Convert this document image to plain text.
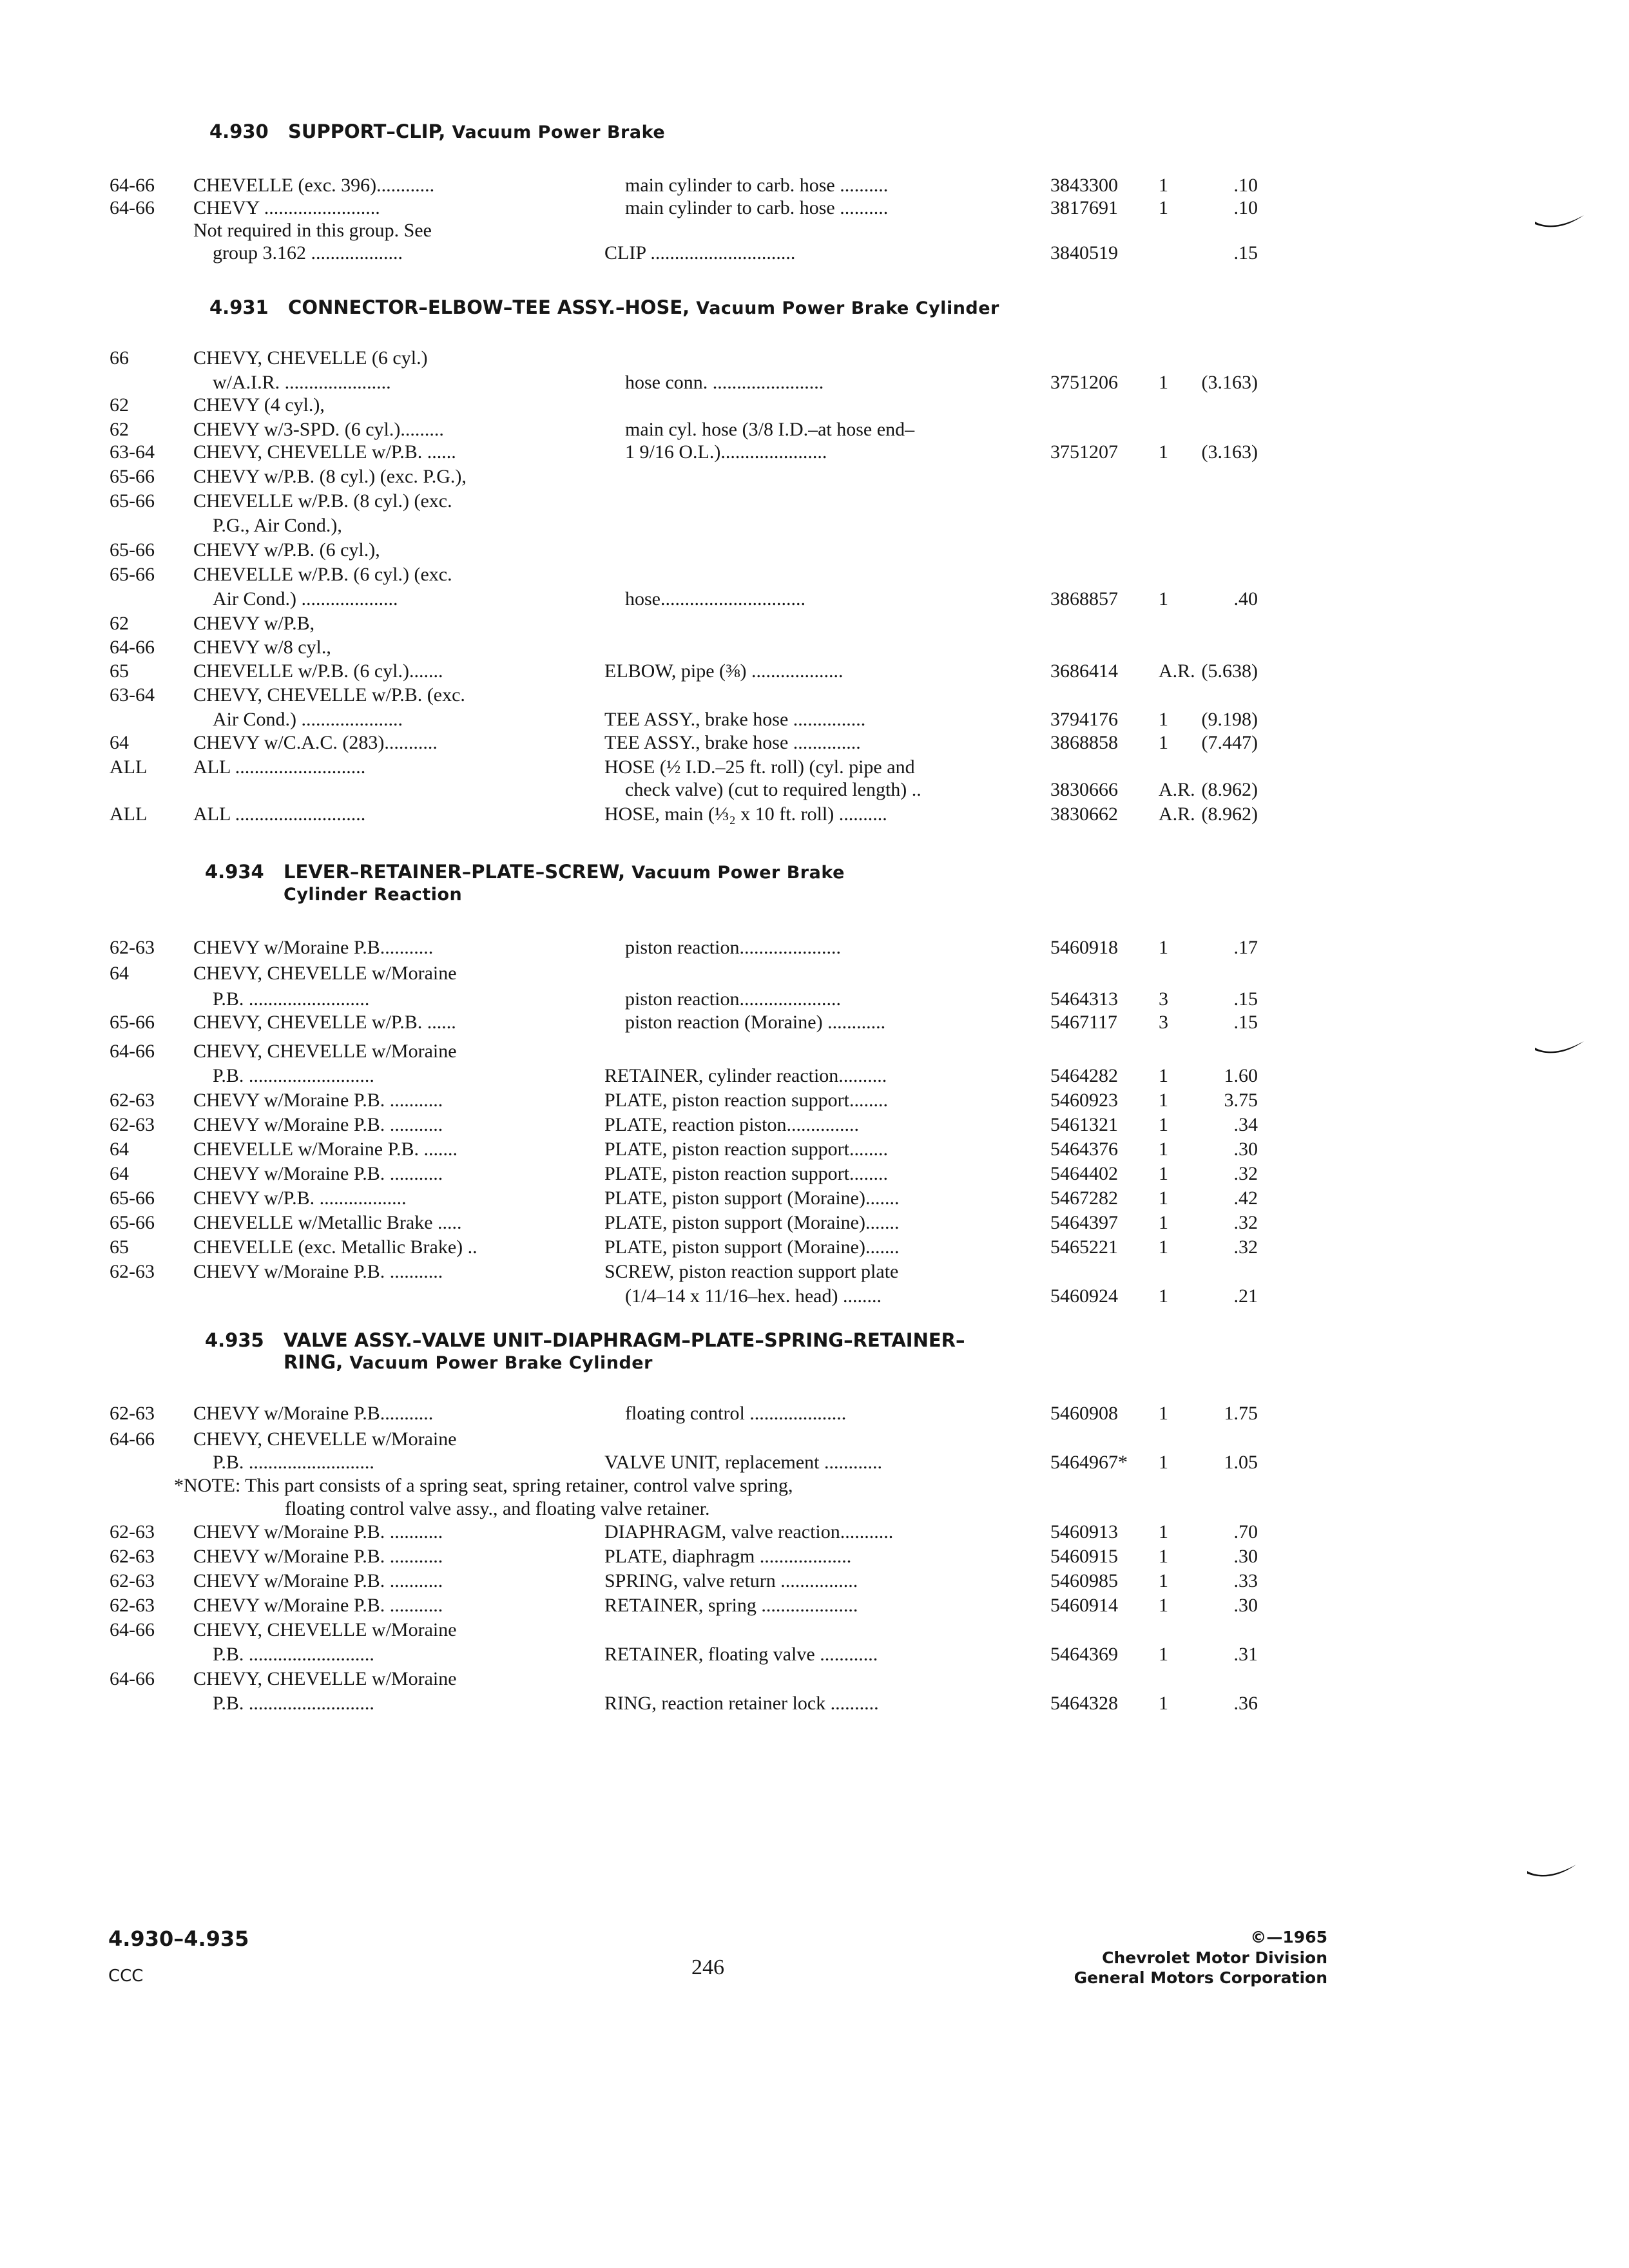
4.930 SUPPORT–CLIP, Vacuum Power Brake
4.931 CONNECTOR–ELBOW–TEE ASSY.–HOSE, Vacuum Power Brake Cylinder
4.934 LEVER–RETAINER–PLATE–SCREW, Vacuum Power Brake
Cylinder Reaction
4.935 VALVE ASSY.–VALVE UNIT–DIAPHRAGM–PLATE–SPRING–RETAINER–
RING, Vacuum Power Brake Cylinder
64-66 CHEVELLE (exc. 396)............	main cylinder to carb. hose ..........	3843300 1	.10
64-66 CHEVY ........................	main cylinder to carb. hose ..........	3817691 1	.10
Not required in this group. See
group 3.162 ...................	CLIP ..............................	3840519	.15
66	CHEVY, CHEVELLE (6 cyl.)
w/A.I.R. ......................	hose conn. .......................	3751206 1	(3.163)
62	CHEVY (4 cyl.),
62	CHEVY w/3-SPD. (6 cyl.).........	main cyl. hose (3/8 I.D.–at hose end–
63-64 CHEVY, CHEVELLE w/P.B. ......	1 9/16 O.L.)......................	3751207 1	(3.163)
65-66 CHEVY w/P.B. (8 cyl.) (exc. P.G.),
65-66 CHEVELLE w/P.B. (8 cyl.) (exc.
P.G., Air Cond.),
65-66 CHEVY w/P.B. (6 cyl.),
65-66 CHEVELLE w/P.B. (6 cyl.) (exc.
Air Cond.) ....................	hose..............................	3868857 1	.40
62	CHEVY w/P.B,
64-66 CHEVY w/8 cyl.,
65	CHEVELLE w/P.B. (6 cyl.).......	ELBOW, pipe (⅜) ...................	3686414 A.R. (5.638)
63-64 CHEVY, CHEVELLE w/P.B. (exc.
Air Cond.) .....................	TEE ASSY., brake hose ...............	3794176 1	(9.198)
64	CHEVY w/C.A.C. (283)...........	TEE ASSY., brake hose ..............	3868858 1	(7.447)
ALL ALL ...........................	HOSE (½ I.D.–25 ft. roll) (cyl. pipe and
check valve) (cut to required length) ..	3830666 A.R. (8.962)
ALL ALL ...........................	HOSE, main (⅓₂ x 10 ft. roll) ..........	3830662 A.R. (8.962)
62-63 CHEVY w/Moraine P.B...........	piston reaction.....................	5460918 1	.17
64	CHEVY, CHEVELLE w/Moraine
P.B. .........................	piston reaction.....................	5464313 3	.15
65-66 CHEVY, CHEVELLE w/P.B. ......	piston reaction (Moraine) ............	5467117 3	.15
64-66 CHEVY, CHEVELLE w/Moraine
P.B. ..........................	RETAINER, cylinder reaction..........	5464282 1	1.60
62-63 CHEVY w/Moraine P.B. ...........	PLATE, piston reaction support........	5460923 1	3.75
62-63 CHEVY w/Moraine P.B. ...........	PLATE, reaction piston...............	5461321 1	.34
64	CHEVELLE w/Moraine P.B. .......	PLATE, piston reaction support........	5464376 1	.30
64	CHEVY w/Moraine P.B. ...........	PLATE, piston reaction support........	5464402 1	.32
65-66 CHEVY w/P.B. ..................	PLATE, piston support (Moraine).......	5467282 1	.42
65-66 CHEVELLE w/Metallic Brake .....	PLATE, piston support (Moraine).......	5464397 1	.32
65	CHEVELLE (exc. Metallic Brake) ..	PLATE, piston support (Moraine).......	5465221 1	.32
62-63 CHEVY w/Moraine P.B. ...........	SCREW, piston reaction support plate
(1/4–14 x 11/16–hex. head) ........	5460924 1	.21
62-63 CHEVY w/Moraine P.B...........	floating control ....................	5460908 1	1.75
64-66 CHEVY, CHEVELLE w/Moraine
P.B. ..........................	VALVE UNIT, replacement ............	5464967* 1	1.05
*NOTE: This part consists of a spring seat, spring retainer, control valve spring,
floating control valve assy., and floating valve retainer.
62-63 CHEVY w/Moraine P.B. ...........	DIAPHRAGM, valve reaction...........	5460913 1	.70
62-63 CHEVY w/Moraine P.B. ...........	PLATE, diaphragm ...................	5460915 1	.30
62-63 CHEVY w/Moraine P.B. ...........	SPRING, valve return ................	5460985 1	.33
62-63 CHEVY w/Moraine P.B. ...........	RETAINER, spring ....................	5460914 1	.30
64-66 CHEVY, CHEVELLE w/Moraine
P.B. ..........................	RETAINER, floating valve ............	5464369 1	.31
64-66 CHEVY, CHEVELLE w/Moraine
P.B. ..........................	RING, reaction retainer lock ..........	5464328 1	.36
4.930–4.935
CCC	246
©—1965
Chevrolet Motor Division
General Motors Corporation
